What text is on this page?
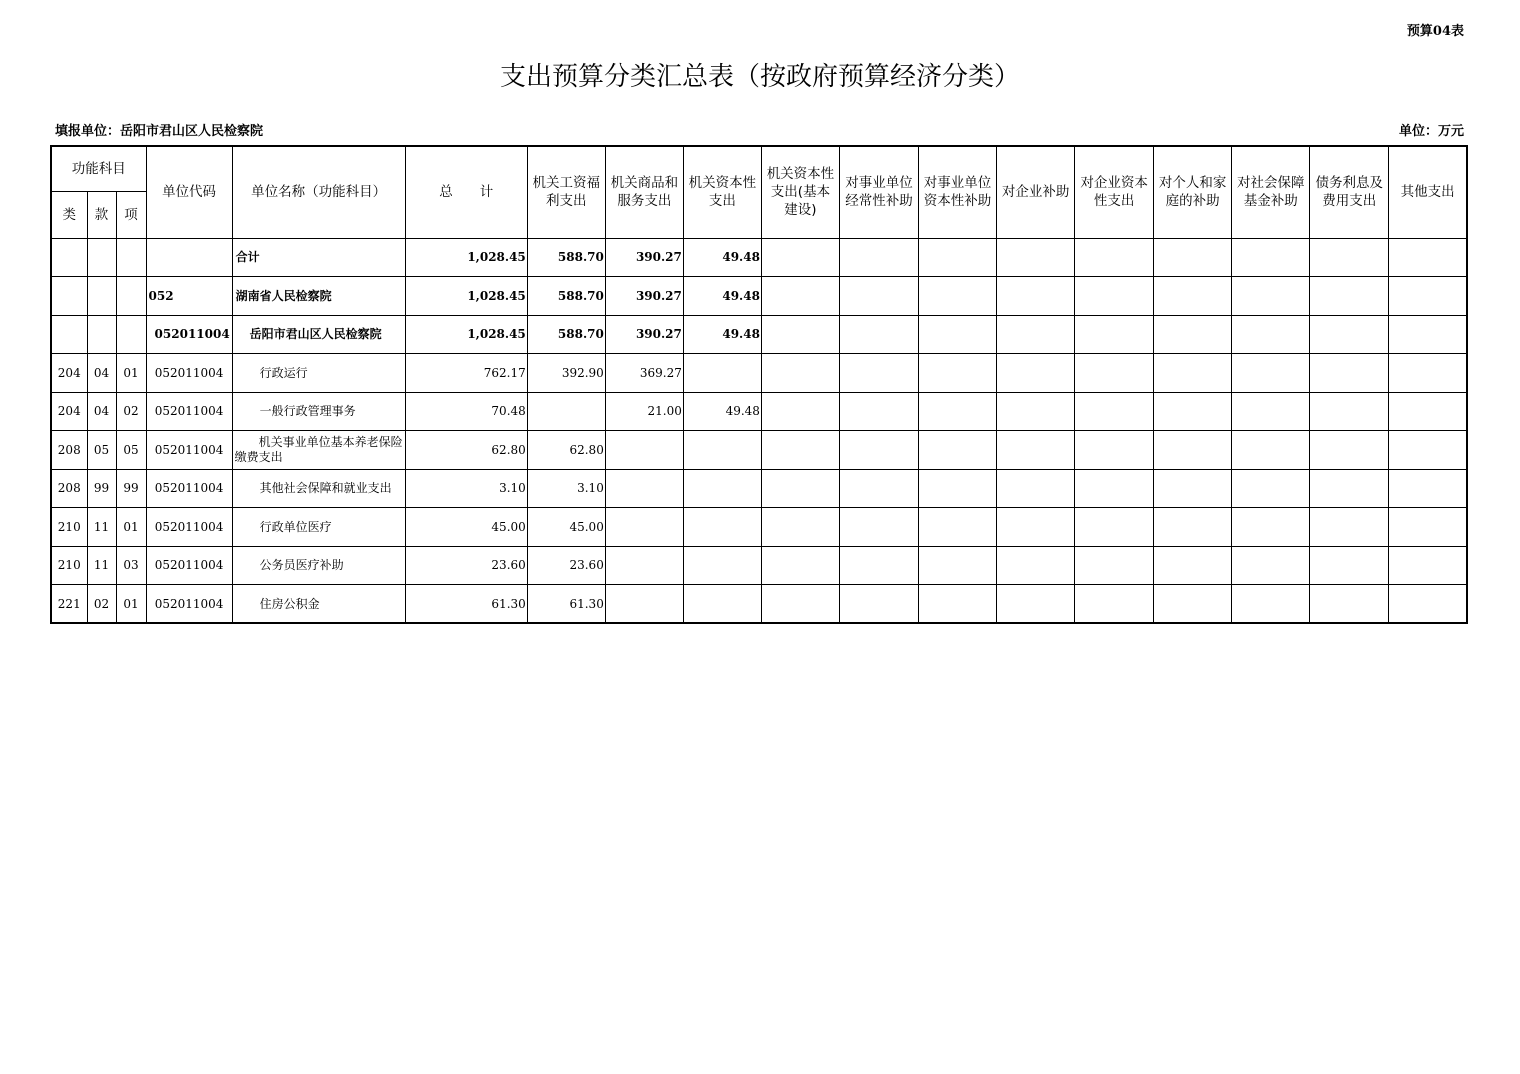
预算04表
支出预算分类汇总表（按政府预算经济分类）
填报单位：岳阳市君山区人民检察院	单位：万元
功能科目			单位代码	单位名称（功能科目）	总　　计	机关工资福利支出	机关商品和服务支出	机关资本性支出	机关资本性支出(基本建设)	对事业单位经常性补助	对事业单位资本性补助	对企业补助	对企业资本性支出	对个人和家庭的补助	对社会保障基金补助	债务利息及费用支出	其他支出
类	款	项															
				合计	1,028.45	588.70	390.27	49.48									
			052	湖南省人民检察院	1,028.45	588.70	390.27	49.48									
			052011004	岳阳市君山区人民检察院	1,028.45	588.70	390.27	49.48									
204	04	01	052011004	行政运行	762.17	392.90	369.27										
204	04	02	052011004	一般行政管理事务	70.48		21.00	49.48									
208	05	05	052011004	机关事业单位基本养老保险缴费支出	62.80	62.80											
208	99	99	052011004	其他社会保障和就业支出	3.10	3.10											
210	11	01	052011004	行政单位医疗	45.00	45.00											
210	11	03	052011004	公务员医疗补助	23.60	23.60											
221	02	01	052011004	住房公积金	61.30	61.30											
